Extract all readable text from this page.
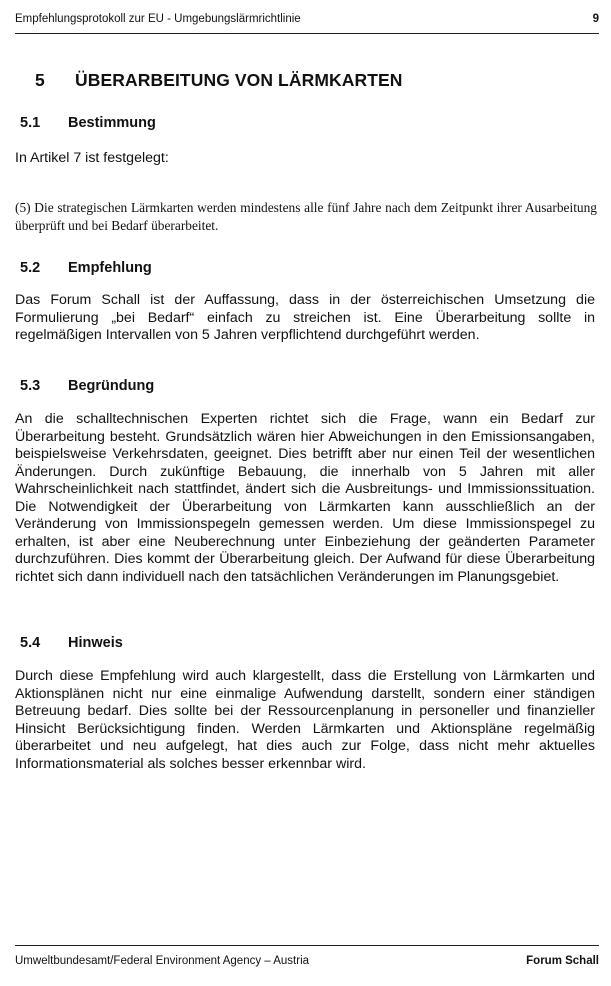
Empfehlungsprotokoll zur EU - Umgebungslärmrichtlinie	9
5 ÜBERARBEITUNG VON LÄRMKARTEN
5.1 Bestimmung
In Artikel 7 ist festgelegt:
(5) Die strategischen Lärmkarten werden mindestens alle fünf Jahre nach dem Zeitpunkt ihrer Ausarbeitung überprüft und bei Bedarf überarbeitet.
5.2 Empfehlung
Das Forum Schall ist der Auffassung, dass in der österreichischen Umsetzung die Formulierung „bei Bedarf“ einfach zu streichen ist. Eine Überarbeitung sollte in regelmäßigen Intervallen von 5 Jahren verpflichtend durchgeführt werden.
5.3 Begründung
An die schalltechnischen Experten richtet sich die Frage, wann ein Bedarf zur Überarbeitung besteht. Grundsätzlich wären hier Abweichungen in den Emissionsangaben, beispielsweise Verkehrsdaten, geeignet. Dies betrifft aber nur einen Teil der wesentlichen Änderungen. Durch zukünftige Bebauung, die innerhalb von 5 Jahren mit aller Wahrscheinlichkeit nach stattfindet, ändert sich die Ausbreitungs- und Immissionssituation. Die Notwendigkeit der Überarbeitung von Lärmkarten kann ausschließlich an der Veränderung von Immissionspegeln gemessen werden. Um diese Immissionspegel zu erhalten, ist aber eine Neuberechnung unter Einbeziehung der geänderten Parameter durchzuführen. Dies kommt der Überarbeitung gleich. Der Aufwand für diese Überarbeitung richtet sich dann individuell nach den tatsächlichen Veränderungen im Planungsgebiet.
5.4 Hinweis
Durch diese Empfehlung wird auch klargestellt, dass die Erstellung von Lärmkarten und Aktionsplänen nicht nur eine einmalige Aufwendung darstellt, sondern einer ständigen Betreuung bedarf. Dies sollte bei der Ressourcenplanung in personeller und finanzieller Hinsicht Berücksichtigung finden. Werden Lärmkarten und Aktionspläne regelmäßig überarbeitet und neu aufgelegt, hat dies auch zur Folge, dass nicht mehr aktuelles Informationsmaterial als solches besser erkennbar wird.
Umweltbundesamt/Federal Environment Agency – Austria	Forum Schall
